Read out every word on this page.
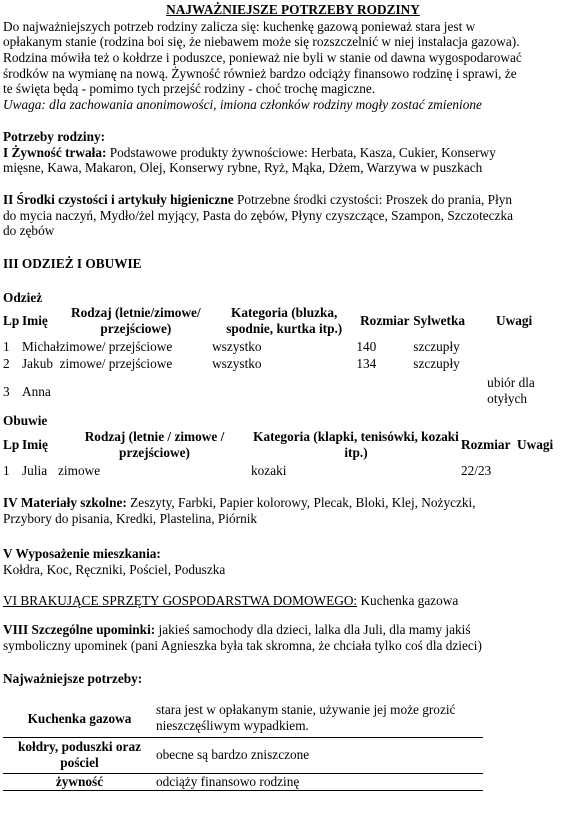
NAJWAŻNIEJSZE POTRZEBY RODZINY

Do najważniejszych potrzeb rodziny zalicza się: kuchenkę gazową ponieważ stara jest w

opłakanym stanie (rodzina boi się, że niebawem może się rozszczelnić w niej instalacja gazowa).

Rodzina mówiła też o kołdrze i poduszce, ponieważ nie byli w stanie od dawna wygospodarować

środków na wymianę na nową. Żywność również bardzo odciąży finansowo rodzinę i sprawi, że

te święta będą - pomimo tych przejść rodziny - choć trochę magiczne.

Uwaga: dla zachowania anonimowości, imiona członków rodziny mogły zostać zmienione

Potrzeby rodziny:

I Żywność trwała: Podstawowe produkty żywnościowe: Herbata, Kasza, Cukier, Konserwy

mięsne, Kawa, Makaron, Olej, Konserwy rybne, Ryż, Mąka, Dżem, Warzywa w puszkach

II Środki czystości i artykuły higieniczne Potrzebne środki czystości: Proszek do prania, Płyn

do mycia naczyń, Mydło/żel myjący, Pasta do zębów, Płyny czyszczące, Szampon, Szczoteczka

do zębów

III ODZIEŻ I OBUWIE
Odzież
Lp	Imię	Rodzaj (letnie/zimowe/ przejściowe)	Kategoria (bluzka, spodnie, kurtka itp.)	Rozmiar	Sylwetka	Uwagi
1	Michał	zimowe/ przejściowe	wszystko	140	szczupły	
2	Jakub	zimowe/ przejściowe	wszystko	134	szczupły	
3	Anna					ubiór dla otyłych
Obuwie
Lp	Imię	Rodzaj (letnie / zimowe / przejściowe)	Kategoria (klapki, tenisówki, kozaki itp.)	Rozmiar	Uwagi
1	Julia	zimowe	kozaki	22/23	

IV Materiały szkolne: Zeszyty, Farbki, Papier kolorowy, Plecak, Bloki, Klej, Nożyczki,

Przybory do pisania, Kredki, Plastelina, Piórnik

V Wyposażenie mieszkania:

Kołdra, Koc, Ręczniki, Pościel, Poduszka

VI BRAKUJĄCE SPRZĘTY GOSPODARSTWA DOMOWEGO: Kuchenka gazowa

VIII Szczególne upominki: jakieś samochody dla dzieci, lalka dla Juli, dla mamy jakiś

symboliczny upominek (pani Agnieszka była tak skromna, że chciała tylko coś dla dzieci)

Najważniejsze potrzeby:
Kuchenka gazowa	stara jest w opłakanym stanie, używanie jej może grozić nieszczęśliwym wypadkiem.
kołdry, poduszki oraz pościel	obecne są bardzo zniszczone
żywność	odciąży finansowo rodzinę
